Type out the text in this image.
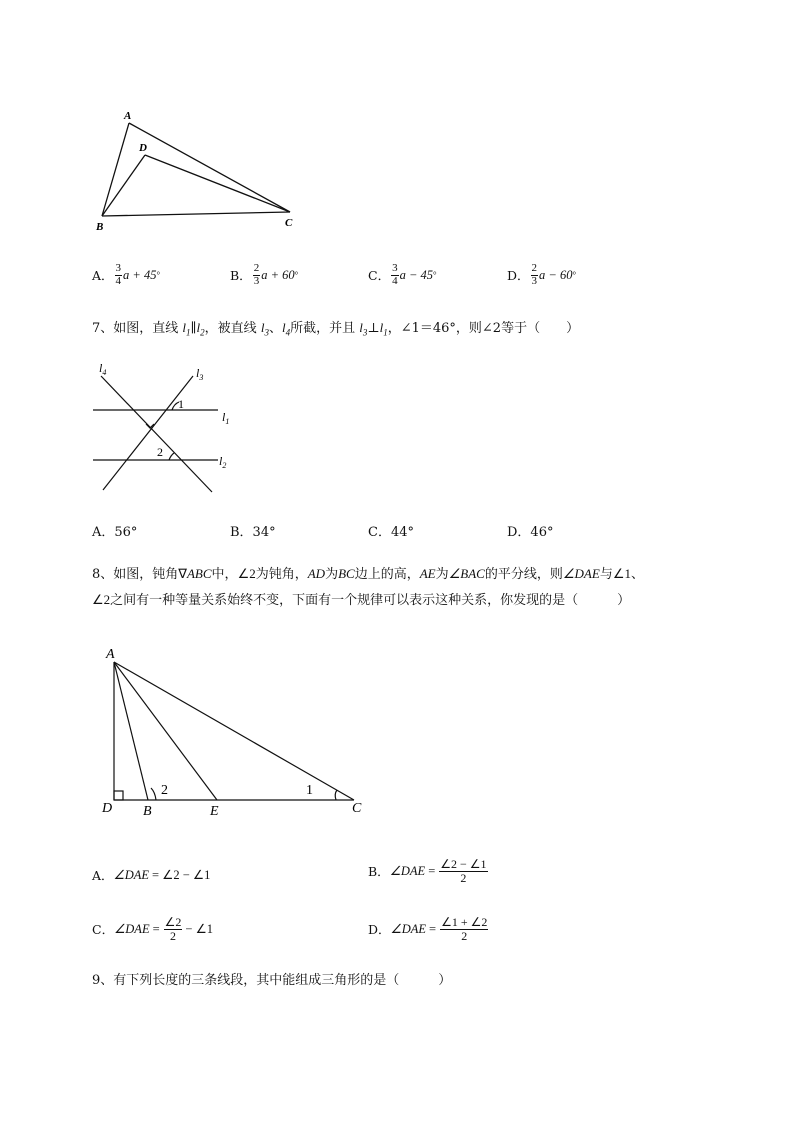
A
D
B	C
A． $\frac{3}{4}$ a + 45 °	B． $\frac{2}{3}$ a + 60 °	C． $\frac{3}{4}$ a − 45 °	D． $\frac{2}{3}$ a − 60 °
7、如图，直线 $l_1\parallel l_2$，被直线 $l_3$、$l_4$所截，并且 $l_3\perp l_1$，∠1＝46°，则∠2等于（　　）
$l_4$	$l_3$
$l_1$
$l_2$
1
2
A．56°	B．34°	C．44°	D．46°
8、如图，钝角∇ABC中，∠2为钝角，AD为BC边上的高，AE为∠BAC的平分线，则∠DAE与∠1、
∠2之间有一种等量关系始终不变，下面有一个规律可以表示这种关系，你发现的是（　　　）
A
D B	E	C
2	1
A． ∠DAE = ∠2 − ∠1	B． ∠DAE = $\frac{\angle 2 - \angle 1}{2}$
C． ∠DAE = $\frac{\angle 2}{2}$ − ∠1	D． ∠DAE = $\frac{\angle 1 + \angle 2}{2}$
9、有下列长度的三条线段，其中能组成三角形的是（　　　）
